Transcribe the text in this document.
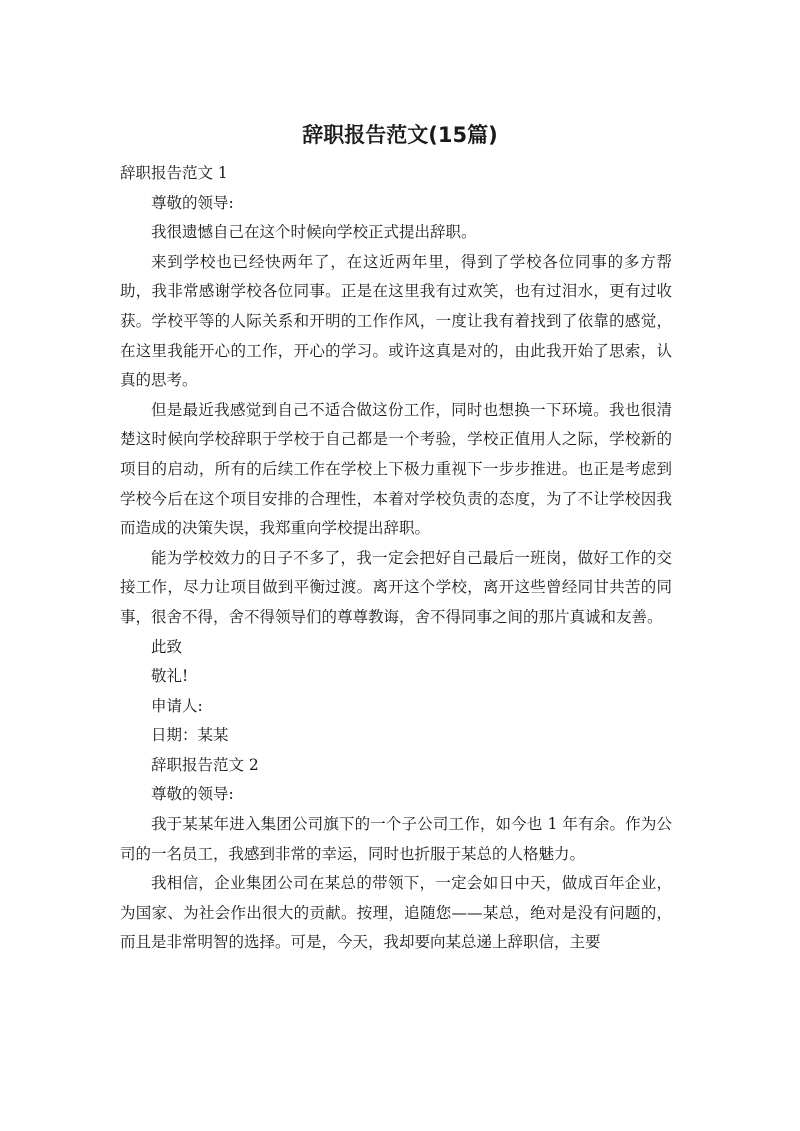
辞职报告范文(15篇)

辞职报告范文 1

尊敬的领导:

我很遗憾自己在这个时候向学校正式提出辞职。

来到学校也已经快两年了，在这近两年里，得到了学校各位同事的多方帮助，我非常感谢学校各位同事。正是在这里我有过欢笑，也有过泪水，更有过收获。学校平等的人际关系和开明的工作作风，一度让我有着找到了依靠的感觉，在这里我能开心的工作，开心的学习。或许这真是对的，由此我开始了思索，认真的思考。

但是最近我感觉到自己不适合做这份工作，同时也想换一下环境。我也很清楚这时候向学校辞职于学校于自己都是一个考验，学校正值用人之际，学校新的项目的启动，所有的后续工作在学校上下极力重视下一步步推进。也正是考虑到学校今后在这个项目安排的合理性，本着对学校负责的态度，为了不让学校因我而造成的决策失误，我郑重向学校提出辞职。

能为学校效力的日子不多了，我一定会把好自己最后一班岗，做好工作的交接工作，尽力让项目做到平衡过渡。离开这个学校，离开这些曾经同甘共苦的同事，很舍不得，舍不得领导们的尊尊教诲，舍不得同事之间的那片真诚和友善。

此致

敬礼!

申请人:

日期：某某

辞职报告范文 2

尊敬的领导:

我于某某年进入集团公司旗下的一个子公司工作，如今也 1 年有余。作为公司的一名员工，我感到非常的幸运，同时也折服于某总的人格魅力。

我相信，企业集团公司在某总的带领下，一定会如日中天，做成百年企业，为国家、为社会作出很大的贡献。按理，追随您——某总，绝对是没有问题的，而且是非常明智的选择。可是，今天，我却要向某总递上辞职信，主要
